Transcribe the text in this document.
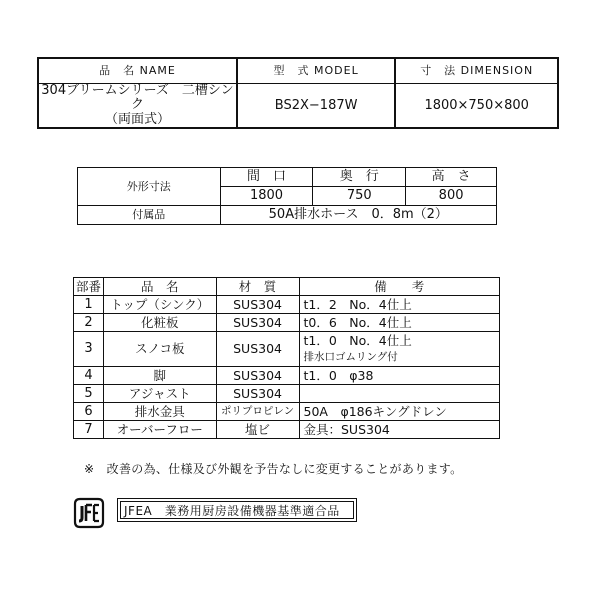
品　名 NAME	型　式 MODEL	寸　法 DIMENSION

304ブリームシリーズ　二槽シンク
（両面式）	BS2X−187W	1800×750×800
外形寸法	間　口	奥　行	高　さ
	1800	750	800
付属品	50A排水ホース　0．8m（2）		
部番	品　名	材　質	備　　考
1	トップ（シンク）	SUS304	t1．2　No．4仕上
2	化粧板	SUS304	t0．6　No．4仕上
3	スノコ板	SUS304	t1．0　No．4仕上
			排水口ゴムリング付
4	脚	SUS304	t1．0　φ38
5	アジャスト	SUS304	
6	排水金具	ポリプロピレン	50A　φ186キングドレン
7	オーバーフロー	塩ビ	金具：SUS304
※　改善の為、仕様及び外観を予告なしに変更することがあります。
JFEA　業務用厨房設備機器基準適合品
